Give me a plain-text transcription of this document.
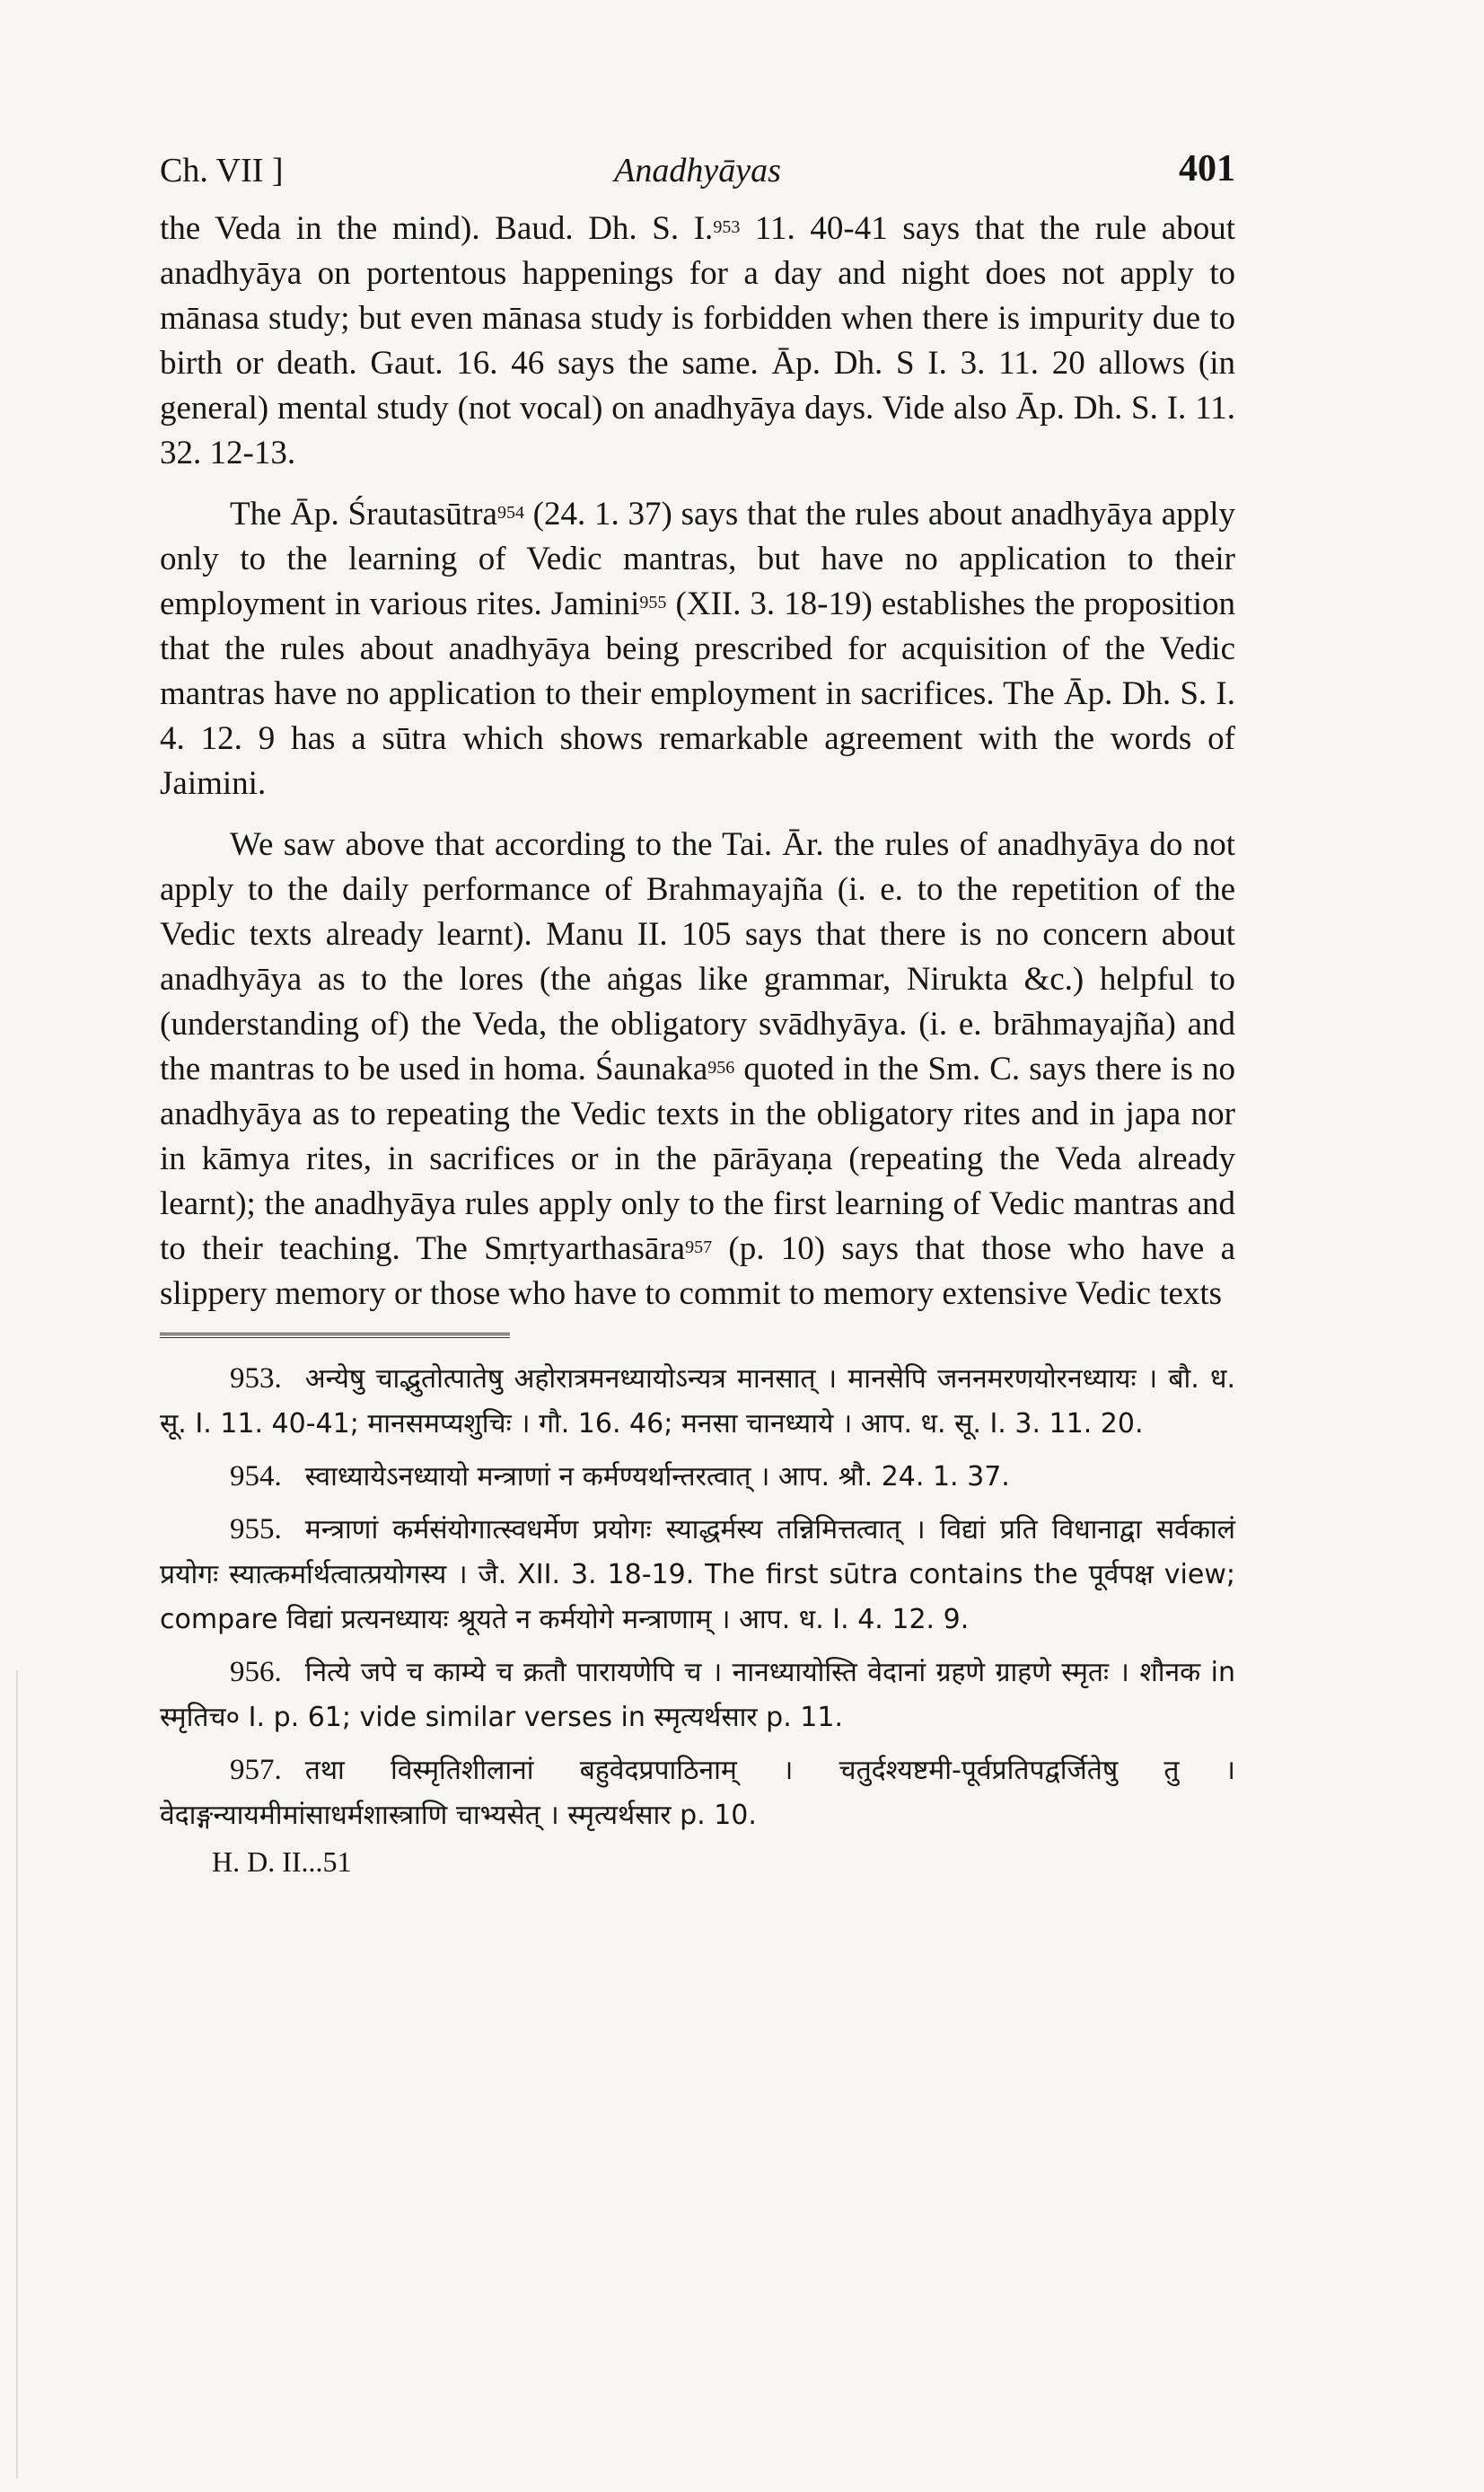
Ch. VII ]	Anadhyāyas	401

the Veda in the mind). Baud. Dh. S. I.$^{953}$ 11. 40-41 says that the rule about anadhyāya on portentous happenings for a day and night does not apply to mānasa study; but even mānasa study is forbidden when there is impurity due to birth or death. Gaut. 16. 46 says the same. Āp. Dh. S I. 3. 11. 20 allows (in general) mental study (not vocal) on anadhyāya days. Vide also Āp. Dh. S. I. 11. 32. 12-13.

The Āp. Śrautasūtra$^{954}$ (24. 1. 37) says that the rules about anadhyāya apply only to the learning of Vedic mantras, but have no application to their employment in various rites. Jamini$^{955}$ (XII. 3. 18-19) establishes the proposition that the rules about anadhyāya being prescribed for acquisition of the Vedic mantras have no application to their employment in sacrifices. The Āp. Dh. S. I. 4. 12. 9 has a sūtra which shows remarkable agreement with the words of Jaimini.

We saw above that according to the Tai. Ār. the rules of anadhyāya do not apply to the daily performance of Brahmayajña (i. e. to the repetition of the Vedic texts already learnt). Manu II. 105 says that there is no concern about anadhyāya as to the lores (the aṅgas like grammar, Nirukta &c.) helpful to (understanding of) the Veda, the obligatory svādhyāya. (i. e. brāhmayajña) and the mantras to be used in homa. Śaunaka$^{956}$ quoted in the Sm. C. says there is no anadhyāya as to repeating the Vedic texts in the obligatory rites and in japa nor in kāmya rites, in sacrifices or in the pārāyaṇa (repeating the Veda already learnt); the anadhyāya rules apply only to the first learning of Vedic mantras and to their teaching. The Smṛtyarthasāra$^{957}$ (p. 10) says that those who have a slippery memory or those who have to commit to memory extensive Vedic texts

953. अन्येषु चाद्भुतोत्पातेषु अहोरात्रमनध्यायोऽन्यत्र मानसात् । मानसेपि जननमरणयोरनध्यायः । बौ. ध. सू. I. 11. 40-41; मानसमप्यशुचिः । गौ. 16. 46; मनसा चानध्याये । आप. ध. सू. I. 3. 11. 20.

954. स्वाध्यायेऽनध्यायो मन्त्राणां न कर्मण्यर्थान्तरत्वात् । आप. श्रौ. 24. 1. 37.

955. मन्त्राणां कर्मसंयोगात्स्वधर्मेण प्रयोगः स्याद्धर्मस्य तन्निमित्तत्वात् । विद्यां प्रति विधानाद्वा सर्वकालं प्रयोगः स्यात्कर्मार्थत्वात्प्रयोगस्य । जै. XII. 3. 18-19. The first sūtra contains the पूर्वपक्ष view; compare विद्यां प्रत्यनध्यायः श्रूयते न कर्मयोगे मन्त्राणाम् । आप. ध. I. 4. 12. 9.

956. नित्ये जपे च काम्ये च क्रतौ पारायणेपि च । नानध्यायोस्ति वेदानां ग्रहणे ग्राहणे स्मृतः । शौनक in स्मृतिच० I. p. 61; vide similar verses in स्मृत्यर्थसार p. 11.

957. तथा विस्मृतिशीलानां बहुवेदप्रपाठिनाम् । चतुर्दश्यष्टमी-पूर्वप्रतिपद्वर्जितेषु तु । वेदाङ्गन्यायमीमांसाधर्मशास्त्राणि चाभ्यसेत् । स्मृत्यर्थसार p. 10.

H. D. II...51
